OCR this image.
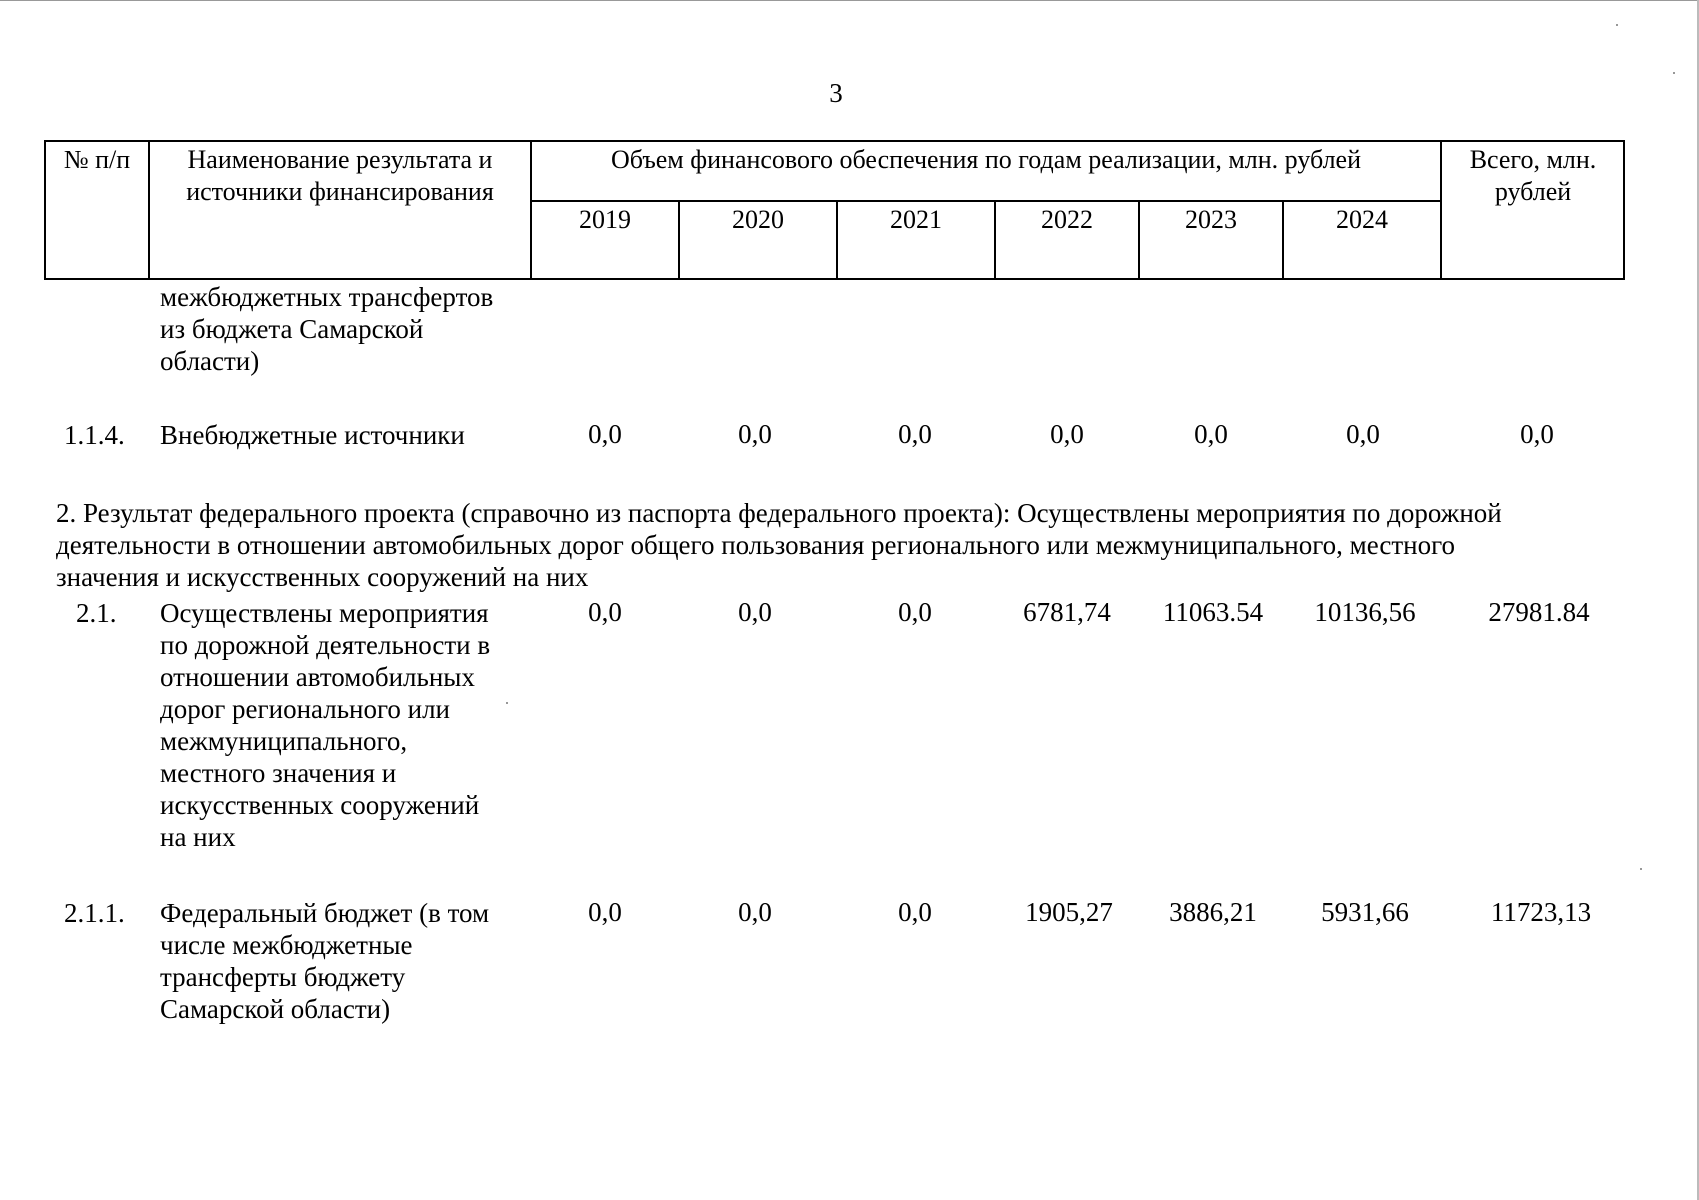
3
№ п/п	Наименование результата и источники финансирования
Объем финансового обеспечения по годам реализации, млн. рублей	Всего, млн. рублей
2019	2020	2021	2022	2023	2024
межбюджетных трансфертов
из бюджета Самарской
области)
1.1.4. Внебюджетные источники	0,0	0,0	0,0	0,0	0,0	0,0	0,0
2. Результат федерального проекта (справочно из паспорта федерального проекта): Осуществлены мероприятия по дорожной
деятельности в отношении автомобильных дорог общего пользования регионального или межмуниципального, местного
значения и искусственных сооружений на них
2.1. Осуществлены мероприятия
по дорожной деятельности в
отношении автомобильных
дорог регионального или
межмуниципального,
местного значения и
искусственных сооружений
на них
0,0	0,0	0,0	6781,74	11063.54	10136,56	27981.84
2.1.1. Федеральный бюджет (в том
числе межбюджетные
трансферты бюджету
Самарской области)
0,0	0,0	0,0	1905,27	3886,21	5931,66	11723,13
